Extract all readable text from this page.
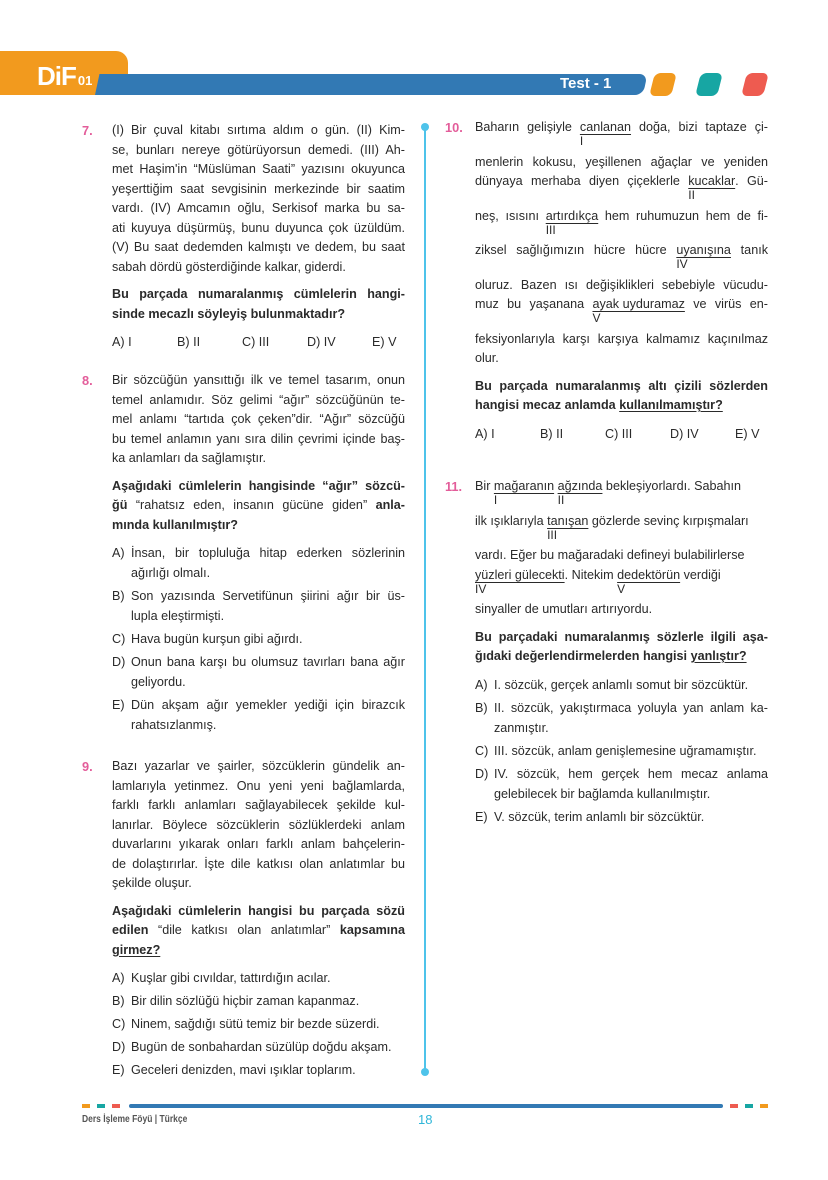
DiF 01	Test - 1
7. (I) Bir çuval kitabı sırtıma aldım o gün. (II) Kim-
se, bunları nereye götürüyorsun demedi. (III) Ah-
met Haşim'in “Müslüman Saati” yazısını okuyunca
yeşerttiğim saat sevgisinin merkezinde bir saatim
vardı. (IV) Amcamın oğlu, Serkisof marka bu sa-
ati kuyuya düşürmüş, bunu duyunca çok üzüldüm.
(V) Bu saat dedemden kalmıştı ve dedem, bu saat
sabah dördü gösterdiğinde kalkar, giderdi.
Bu parçada numaralanmış cümlelerin hangi-
sinde mecazlı söyleyiş bulunmaktadır?
A) I	B) II	C) III	D) IV	E) V
8. Bir sözcüğün yansıttığı ilk ve temel tasarım, onun
temel anlamıdır. Söz gelimi “ağır” sözcüğünün te-
mel anlamı “tartıda çok çeken”dir. “Ağır” sözcüğü
bu temel anlamın yanı sıra dilin çevrimi içinde baş-
ka anlamları da sağlamıştır.
Aşağıdaki cümlelerin hangisinde “ağır” sözcü-
ğü “rahatsız eden, insanın gücüne giden” anla-
mında kullanılmıştır?
A) İnsan, bir topluluğa hitap ederken sözlerinin
ağırlığı olmalı.
B) Son yazısında Servetifünun şiirini ağır bir üs-
lupla eleştirmişti.
C) Hava bugün kurşun gibi ağırdı.
D) Onun bana karşı bu olumsuz tavırları bana ağır
geliyordu.
E) Dün akşam ağır yemekler yediği için birazcık
rahatsızlanmış.
9. Bazı yazarlar ve şairler, sözcüklerin gündelik an-
lamlarıyla yetinmez. Onu yeni yeni bağlamlarda,
farklı farklı anlamları sağlayabilecek şekilde kul-
lanırlar. Böylece sözcüklerin sözlüklerdeki anlam
duvarlarını yıkarak onları farklı anlam bahçelerin-
de dolaştırırlar. İşte dile katkısı olan anlatımlar bu
şekilde oluşur.
Aşağıdaki cümlelerin hangisi bu parçada sözü
edilen “dile katkısı olan anlatımlar” kapsamına
girmez?
A) Kuşlar gibi cıvıldar, tattırdığın acılar.
B) Bir dilin sözlüğü hiçbir zaman kapanmaz.
C) Ninem, sağdığı sütü temiz bir bezde süzerdi.
D) Bugün de sonbahardan süzülüp doğdu akşam.
E) Geceleri denizden, mavi ışıklar toplarım.
10. Baharın gelişiyle canlanan
I
doğa, bizi taptaze çi-
menlerin kokusu, yeşillenen ağaçlar ve yeniden
dünyaya merhaba diyen çiçeklerle kucaklar
II
. Gü-
neş, ısısını artırdıkça
III
hem ruhumuzun hem de fi-
ziksel sağlığımızın hücre hücre uyanışına
IV
tanık
oluruz. Bazen ısı değişiklikleri sebebiyle vücudu-
muz bu yaşanana ayak uyduramaz
V
ve virüs en-
feksiyonlarıyla karşı karşıya kalmamız kaçınılmaz
olur.
Bu parçada numaralanmış altı çizili sözlerden
hangisi mecaz anlamda kullanılmamıştır?
A) I	B) II	C) III	D) IV	E) V
11. Bir mağaranın
I
ağzında
II
bekleşiyorlardı. Sabahın
ilk ışıklarıyla tanışan
III
gözlerde sevinç kırpışmaları
vardı. Eğer bu mağaradaki defineyi bulabilirlerse
yüzleri gülecekti
IV
. Nitekim dedektörün
V
verdiği
sinyaller de umutları artırıyordu.
Bu parçadaki numaralanmış sözlerle ilgili aşa-
ğıdaki değerlendirmelerden hangisi yanlıştır?
A) I. sözcük, gerçek anlamlı somut bir sözcüktür.
B) II. sözcük, yakıştırmaca yoluyla yan anlam ka-
zanmıştır.
C) III. sözcük, anlam genişlemesine uğramamıştır.
D) IV. sözcük, hem gerçek hem mecaz anlama
gelebilecek bir bağlamda kullanılmıştır.
E) V. sözcük, terim anlamlı bir sözcüktür.
Ders İşleme Föyü | Türkçe	18
